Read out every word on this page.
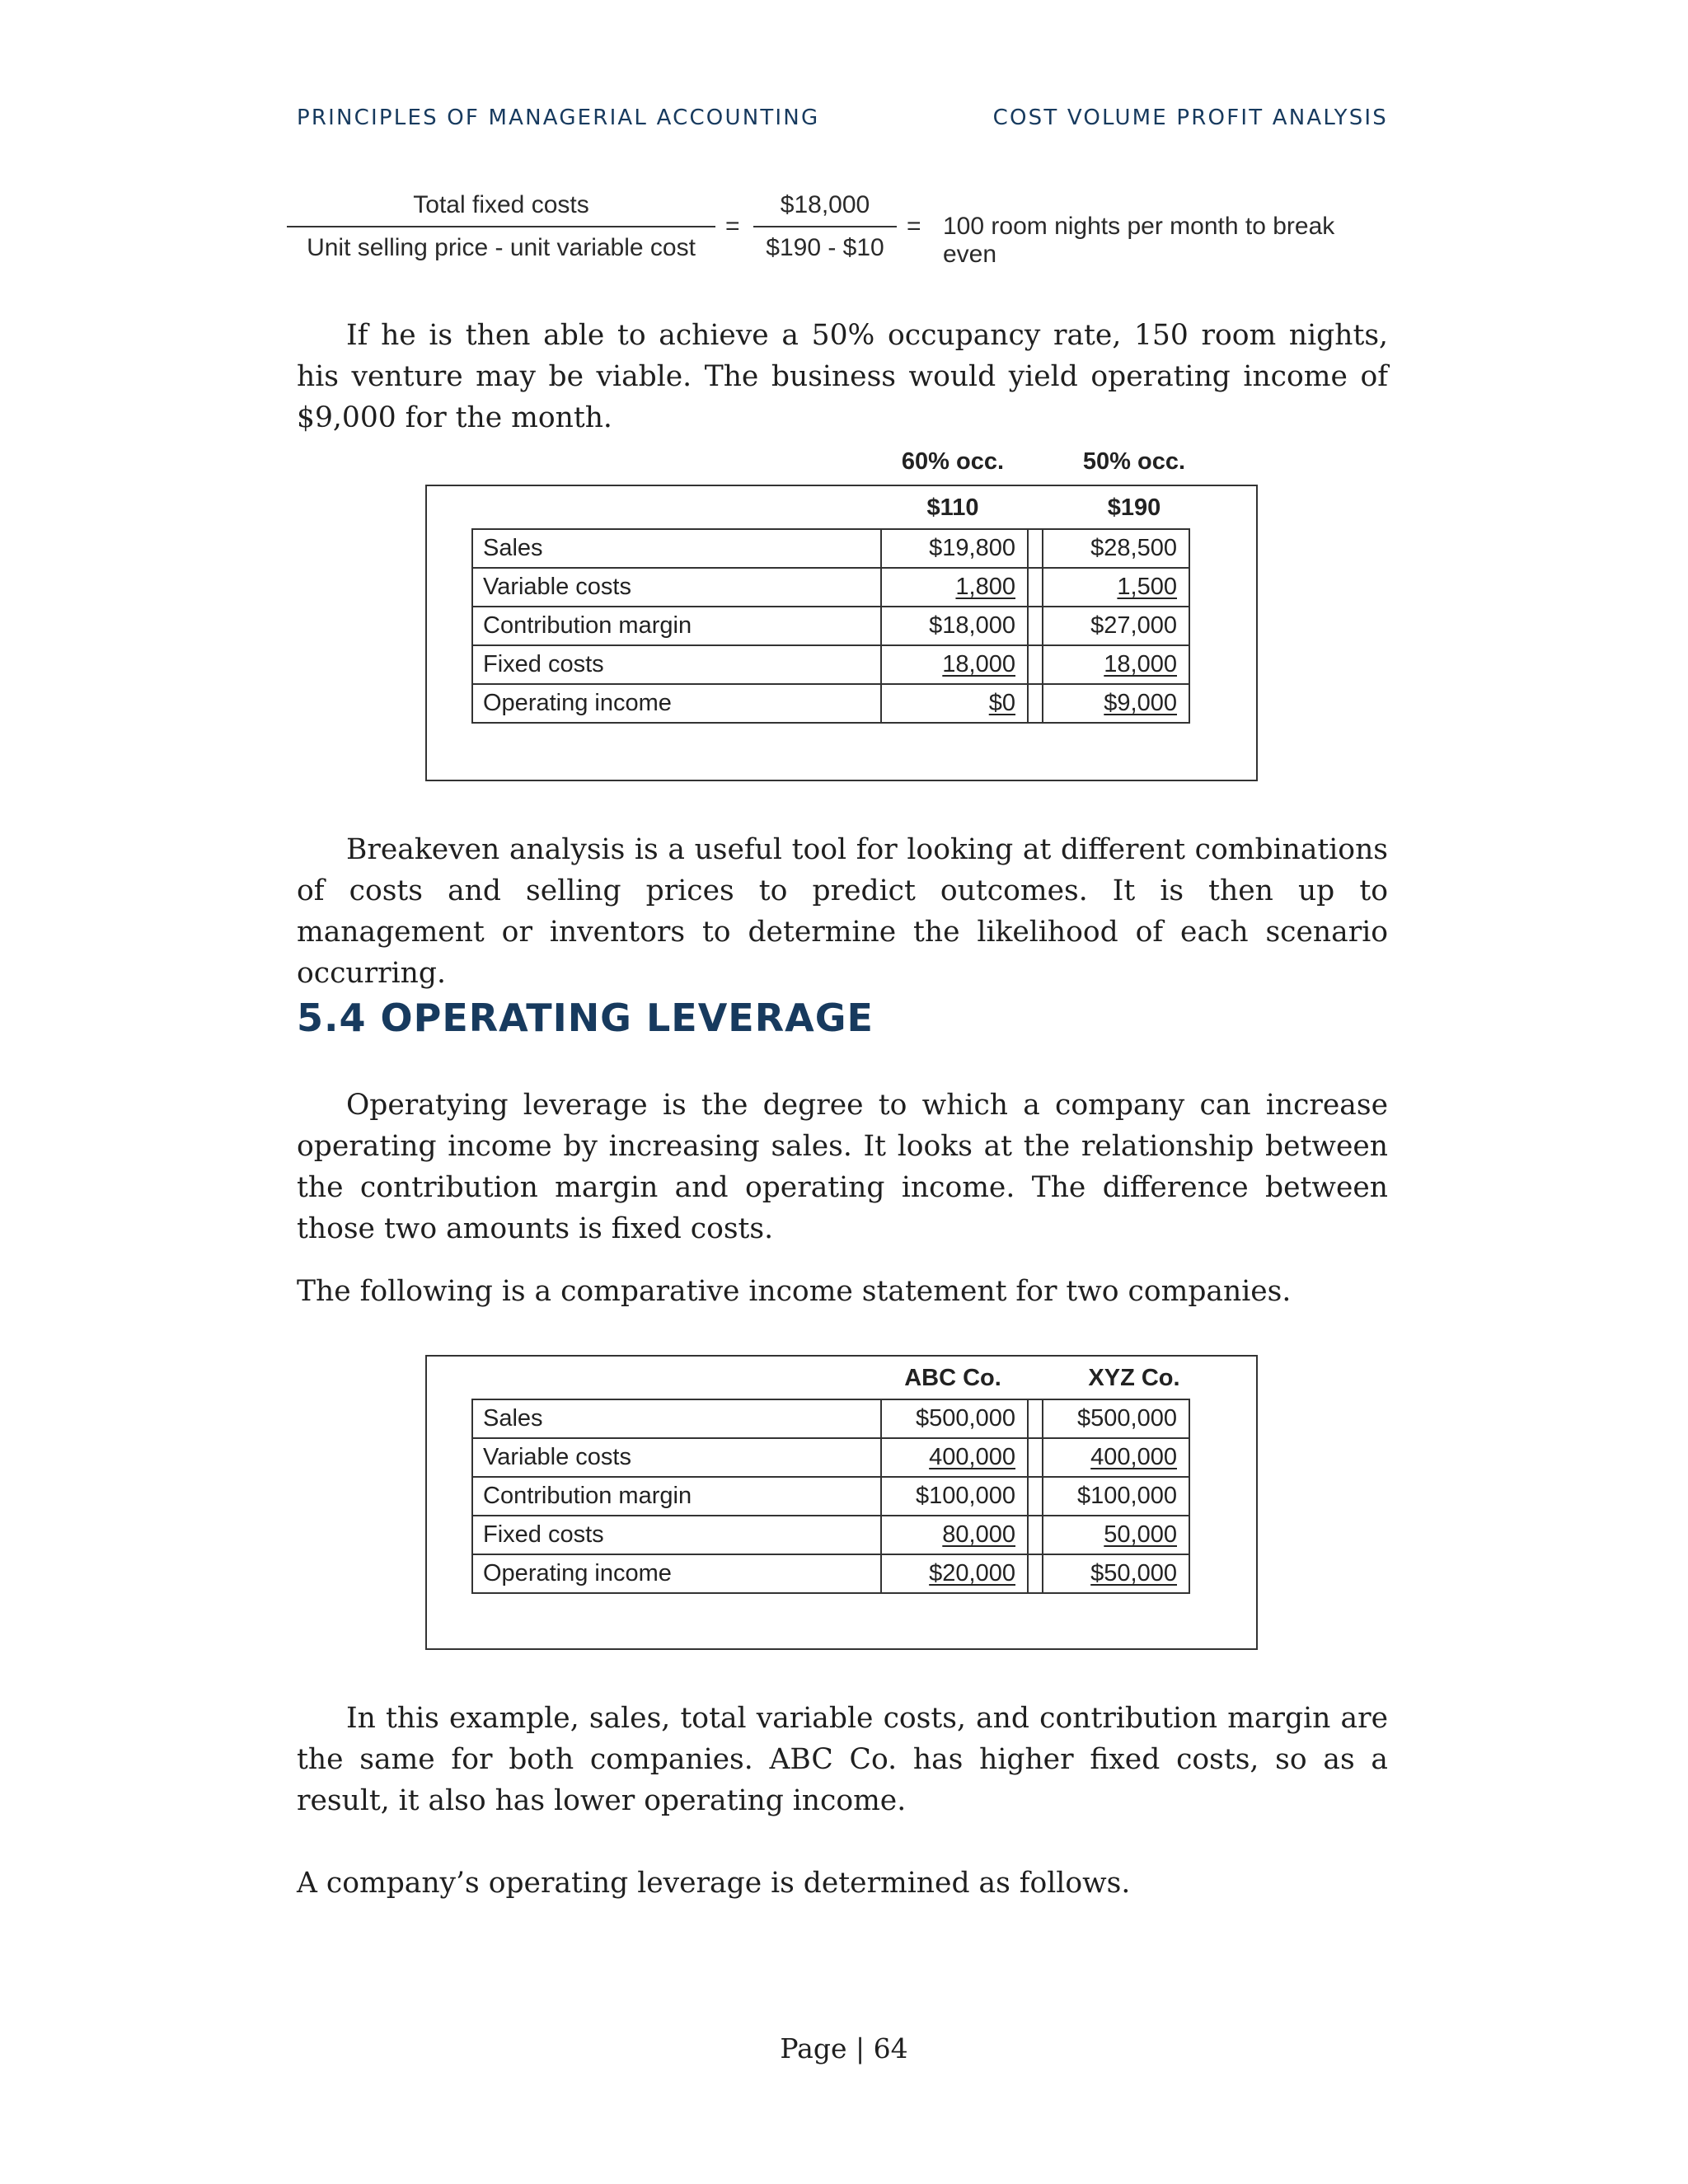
PRINCIPLES OF MANAGERIAL ACCOUNTING	COST VOLUME PROFIT ANALYSIS
Total fixed costs
Unit selling price - unit variable cost
= $\frac{\$18,000}{\$190 - \$10} = 100$ room nights per month to break even

If he is then able to achieve a 50% occupancy rate, 150 room nights, his venture may be viable. The business would yield operating income of $9,000 for the month.

60% occ.	50% occ.
$110	$190
Sales	$19,800		$28,500
Variable costs	1,800		1,500
Contribution margin	$18,000		$27,000
Fixed costs	18,000		18,000
Operating income	$0		$9,000

Breakeven analysis is a useful tool for looking at different combinations of costs and selling prices to predict outcomes. It is then up to management or inventors to determine the likelihood of each scenario occurring.

5.4 OPERATING LEVERAGE

Operatying leverage is the degree to which a company can increase operating income by increasing sales. It looks at the relationship between the contribution margin and operating income. The difference between those two amounts is fixed costs.

The following is a comparative income statement for two companies.

ABC Co.	XYZ Co.
Sales	$500,000		$500,000
Variable costs	400,000		400,000
Contribution margin	$100,000		$100,000
Fixed costs	80,000		50,000
Operating income	$20,000		$50,000

In this example, sales, total variable costs, and contribution margin are the same for both companies. ABC Co. has higher fixed costs, so as a result, it also has lower operating income.

A company’s operating leverage is determined as follows.

Page | 64
